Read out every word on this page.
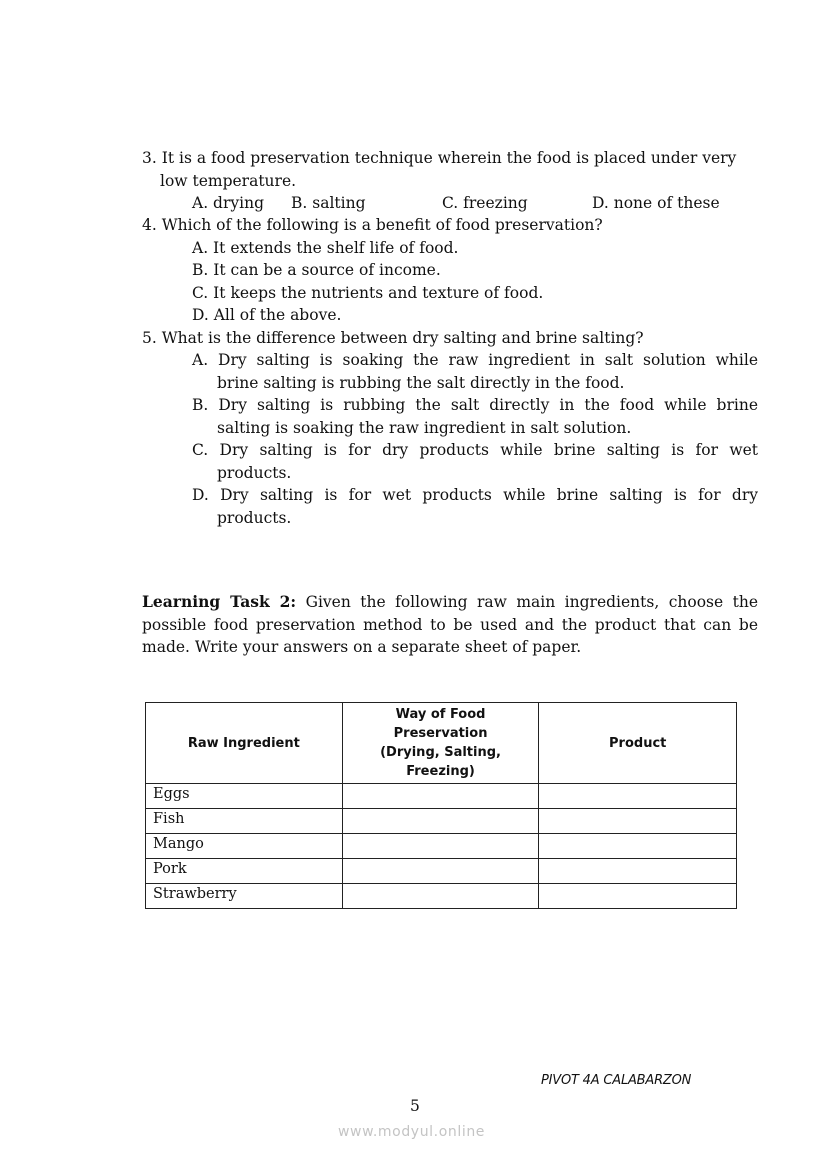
3. It is a food preservation technique wherein the food is placed under very
low temperature.
A. drying B. salting	C. freezing	D. none of these
4. Which of the following is a benefit of food preservation?
A. It extends the shelf life of food.
B. It can be a source of income.
C. It keeps the nutrients and texture of food.
D. All of the above.
5. What is the difference between dry salting and brine salting?
A. Dry salting is soaking the raw ingredient in salt solution while
brine salting is rubbing the salt directly in the food.
B. Dry salting is rubbing the salt directly in the food while brine
salting is soaking the raw ingredient in salt solution.
C. Dry salting is for dry products while brine salting is for wet
products.
D. Dry salting is for wet products while brine salting is for dry
products.
Learning Task 2: Given the following raw main ingredients, choose the
possible food preservation method to be used and the product that can be
made. Write your answers on a separate sheet of paper.
Raw Ingredient	Way of Food
Preservation
(Drying, Salting,
Freezing)	Product
Eggs		
Fish		
Mango		
Pork		
Strawberry		
PIVOT 4A CALABARZON
5
www.modyul.online
